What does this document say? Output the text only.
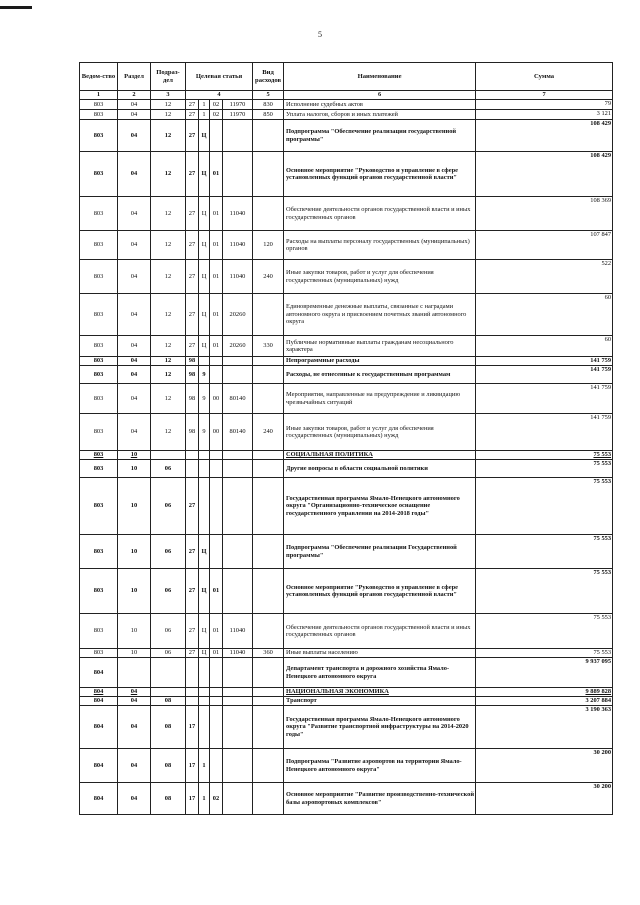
5
Ведом-ство	Раздел	Подраз-дел	Целевая статья				Вид расходов	Наименование	Сумма
1	2	3	4				5	6	7
803	04	12	27	1	02	11970	830	Исполнение судебных актов	79
803	04	12	27	1	02	11970	850	Уплата налогов, сборов и иных платежей	3 121
803	04	12	27	Ц				Подпрограмма "Обеспечение реализации государственной программы"	108 429
803	04	12	27	Ц	01			Основное мероприятие "Руководство и управление в сфере установленных функций органов государственной власти"	108 429
803	04	12	27	Ц	01	11040		Обеспечение деятельности органов государственной власти и иных государственных органов	108 369
803	04	12	27	Ц	01	11040	120	Расходы на выплаты персоналу государственных (муниципальных) органов	107 847
803	04	12	27	Ц	01	11040	240	Иные закупки товаров, работ и услуг для обеспечения государственных (муниципальных) нужд	522
803	04	12	27	Ц	01	20260		Единовременные денежные выплаты, связанные с наградами автономного округа и присвоением почетных званий автономного округа	60
803	04	12	27	Ц	01	20260	330	Публичные нормативные выплаты гражданам несоциального характера	60
803	04	12	98					Непрограммные расходы	141 759
803	04	12	98	9				Расходы, не отнесенные к государственным программам	141 759
803	04	12	98	9	00	80140		Мероприятия, направленные на предупреждение и ликвидацию чрезвычайных ситуаций	141 759
803	04	12	98	9	00	80140	240	Иные закупки товаров, работ и услуг для обеспечения государственных (муниципальных) нужд	141 759
803	10							СОЦИАЛЬНАЯ ПОЛИТИКА	75 553
803	10	06						Другие вопросы в области социальной политики	75 553
803	10	06	27					Государственная программа Ямало-Ненецкого автономного округа "Организационно-техническое оснащение государственного управления на 2014-2018 годы"	75 553
803	10	06	27	Ц				Подпрограмма "Обеспечение реализации Государственной программы"	75 553
803	10	06	27	Ц	01			Основное мероприятие "Руководство и управление в сфере установленных функций органов государственной власти"	75 553
803	10	06	27	Ц	01	11040		Обеспечение деятельности органов государственной власти и иных государственных органов	75 553
803	10	06	27	Ц	01	11040	360	Иные выплаты населению	75 553
804								Департамент транспорта и дорожного хозяйства Ямало-Ненецкого автономного округа	9 937 095
804	04							НАЦИОНАЛЬНАЯ ЭКОНОМИКА	9 889 828
804	04	08						Транспорт	3 207 884
804	04	08	17					Государственная программа Ямало-Ненецкого автономного округа "Развитие транспортной инфраструктуры на 2014-2020 годы"	3 190 363
804	04	08	17	1				Подпрограмма "Развитие аэропортов на территории Ямало-Ненецкого автономного округа"	30 200
804	04	08	17	1	02			Основное мероприятие "Развитие производственно-технической базы аэропортовых комплексов"	30 200
